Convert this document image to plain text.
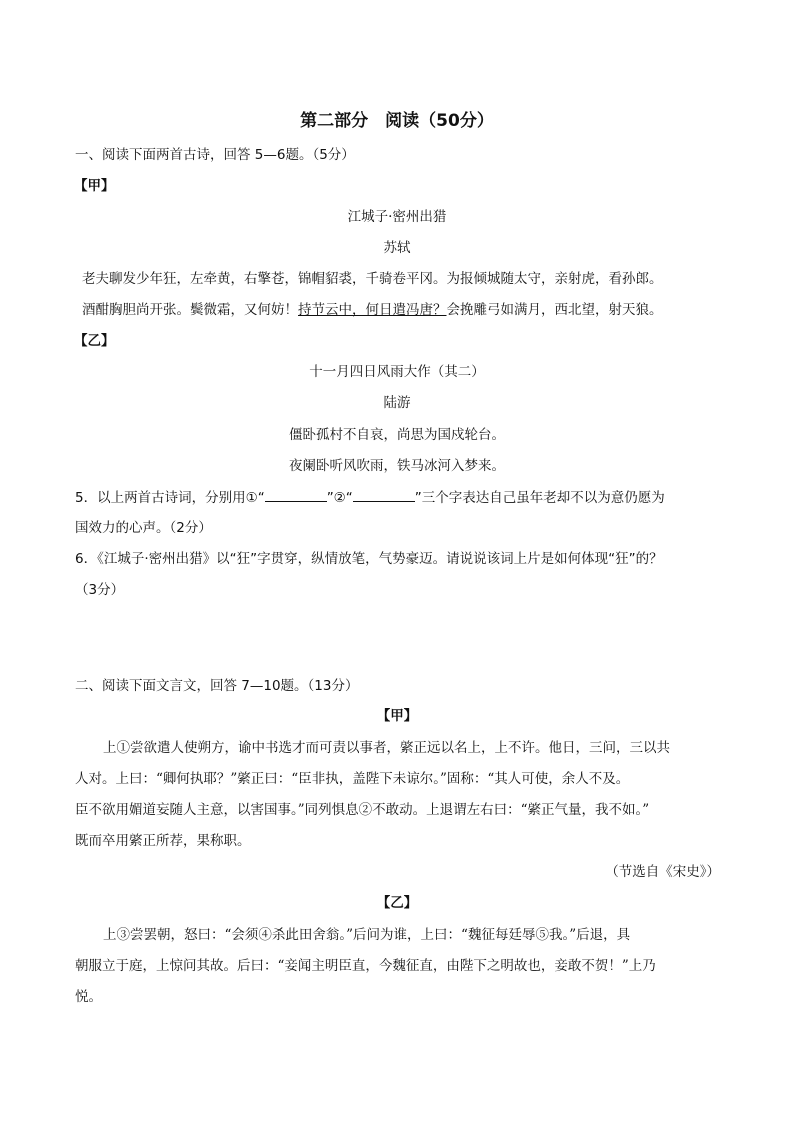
第二部分　阅读（50分）
一、阅读下面两首古诗，回答 5—6题。（5分）
【甲】
江城子·密州出猎
苏轼
老夫聊发少年狂，左牵黄，右擎苍，锦帽貂裘，千骑卷平冈。为报倾城随太守，亲射虎，看孙郎。
酒酣胸胆尚开张。鬓微霜，又何妨！持节云中，何日遣冯唐？会挽雕弓如满月，西北望，射天狼。
【乙】
十一月四日风雨大作（其二）
陆游
僵卧孤村不自哀，尚思为国戍轮台。
夜阑卧听风吹雨，铁马冰河入梦来。
5．以上两首古诗词，分别用①“	”②“	”三个字表达自己虽年老却不以为意仍愿为
国效力的心声。（2分）
6．《江城子·密州出猎》以“狂”字贯穿，纵情放笔，气势豪迈。请说说该词上片是如何体现“狂”的？
（3分）
二、阅读下面文言文，回答 7—10题。（13分）
【甲】
上①尝欲遣人使朔方，谕中书选才而可责以事者，綮正远以名上，上不许。他日，三问，三以共
人对。上曰：“卿何执耶？”綮正曰：“臣非执，盖陛下未谅尔。”固称：“其人可使，余人不及。
臣不欲用媚道妄随人主意，以害国事。”同列惧息②不敢动。上退谓左右曰：“綮正气量，我不如。”
既而卒用綮正所荐，果称职。
（节选自《宋史》）
【乙】
上③尝罢朝，怒曰：“会须④杀此田舍翁。”后问为谁，上曰：“魏征每廷辱⑤我。”后退，具
朝服立于庭，上惊问其故。后曰：“妾闻主明臣直，今魏征直，由陛下之明故也，妾敢不贺！”上乃
悦。
